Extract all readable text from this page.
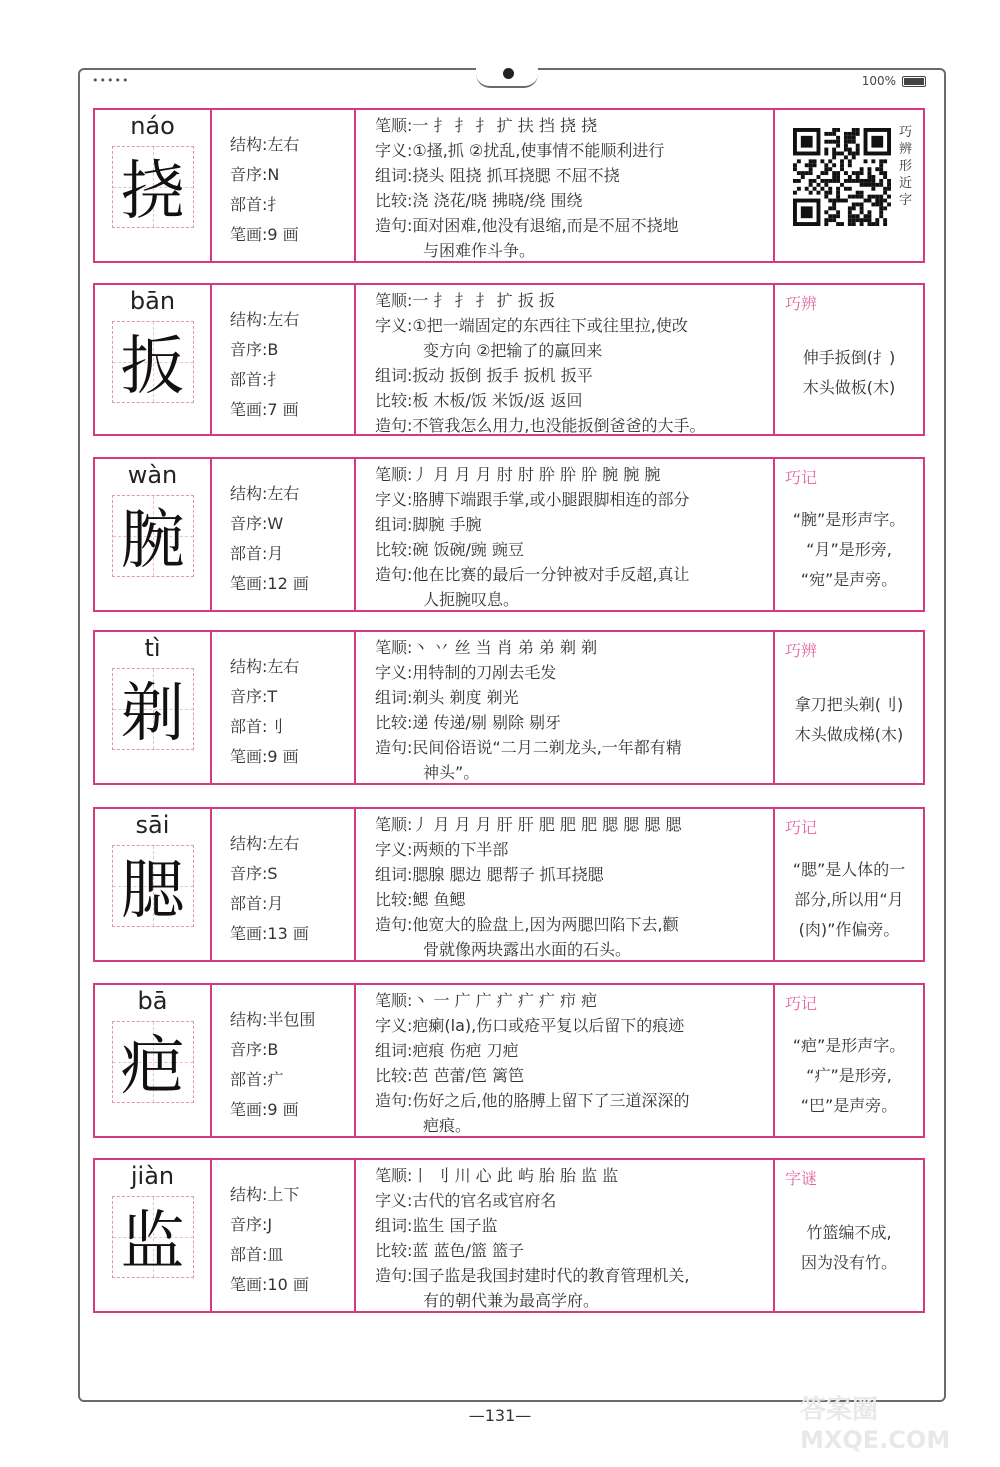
•••••	100%
náo
挠
结构:左右
音序:N
部首:扌
笔画:9 画
笔顺:一 扌 扌 扌 扩 扶 挡 挠 挠
字义:①搔,抓 ②扰乱,使事情不能顺利进行
组词:挠头 阻挠 抓耳挠腮 不屈不挠
比较:浇 浇花/晓 拂晓/绕 围绕
造句:面对困难,他没有退缩,而是不屈不挠地
与困难作斗争。
巧辨形近字
bān
扳
结构:左右
音序:B
部首:扌
笔画:7 画
笔顺:一 扌 扌 扌 扩 扳 扳
字义:①把一端固定的东西往下或往里拉,使改
变方向 ②把输了的赢回来
组词:扳动 扳倒 扳手 扳机 扳平
比较:板 木板/饭 米饭/返 返回
造句:不管我怎么用力,也没能扳倒爸爸的大手。
巧辨
伸手扳倒(扌)
木头做板(木)
wàn
腕
结构:左右
音序:W
部首:月
笔画:12 画
笔顺:丿 月 月 月 肘 肘 肸 肸 肸 腕 腕 腕
字义:胳膊下端跟手掌,或小腿跟脚相连的部分
组词:脚腕 手腕
比较:碗 饭碗/豌 豌豆
造句:他在比赛的最后一分钟被对手反超,真让
人扼腕叹息。
巧记
“腕”是形声字。
“月”是形旁,
“宛”是声旁。
tì
剃
结构:左右
音序:T
部首:刂
笔画:9 画
笔顺:丶 丷 丝 当 肖 弟 弟 剃 剃
字义:用特制的刀剐去毛发
组词:剃头 剃度 剃光
比较:递 传递/剔 剔除 剔牙
造句:民间俗语说“二月二剃龙头,一年都有精
神头”。
巧辨
拿刀把头剃(刂)
木头做成梯(木)
sāi
腮
结构:左右
音序:S
部首:月
笔画:13 画
笔顺:丿 月 月 月 肝 肝 肥 肥 肥 腮 腮 腮 腮
字义:两颊的下半部
组词:腮腺 腮边 腮帮子 抓耳挠腮
比较:鳃 鱼鳃
造句:他宽大的脸盘上,因为两腮凹陷下去,颧
骨就像两块露出水面的石头。
巧记
“腮”是人体的一
部分,所以用“月
(肉)”作偏旁。
bā
疤
结构:半包围
音序:B
部首:疒
笔画:9 画
笔顺:丶 一 广 广 疒 疒 疒 疖 疤
字义:疤瘌(la),伤口或疮平复以后留下的痕迹
组词:疤痕 伤疤 刀疤
比较:芭 芭蕾/笆 篱笆
造句:伤好之后,他的胳膊上留下了三道深深的
疤痕。
巧记
“疤”是形声字。
“疒”是形旁,
“巴”是声旁。
jiàn
监
结构:上下
音序:J
部首:皿
笔画:10 画
笔顺:丨 刂 川 心 此 屿 胎 胎 监 监
字义:古代的官名或官府名
组词:监生 国子监
比较:蓝 蓝色/篮 篮子
造句:国子监是我国封建时代的教育管理机关,
有的朝代兼为最高学府。
字谜
竹篮编不成,
因为没有竹。
—131—	答案圈
MXQE.COM
